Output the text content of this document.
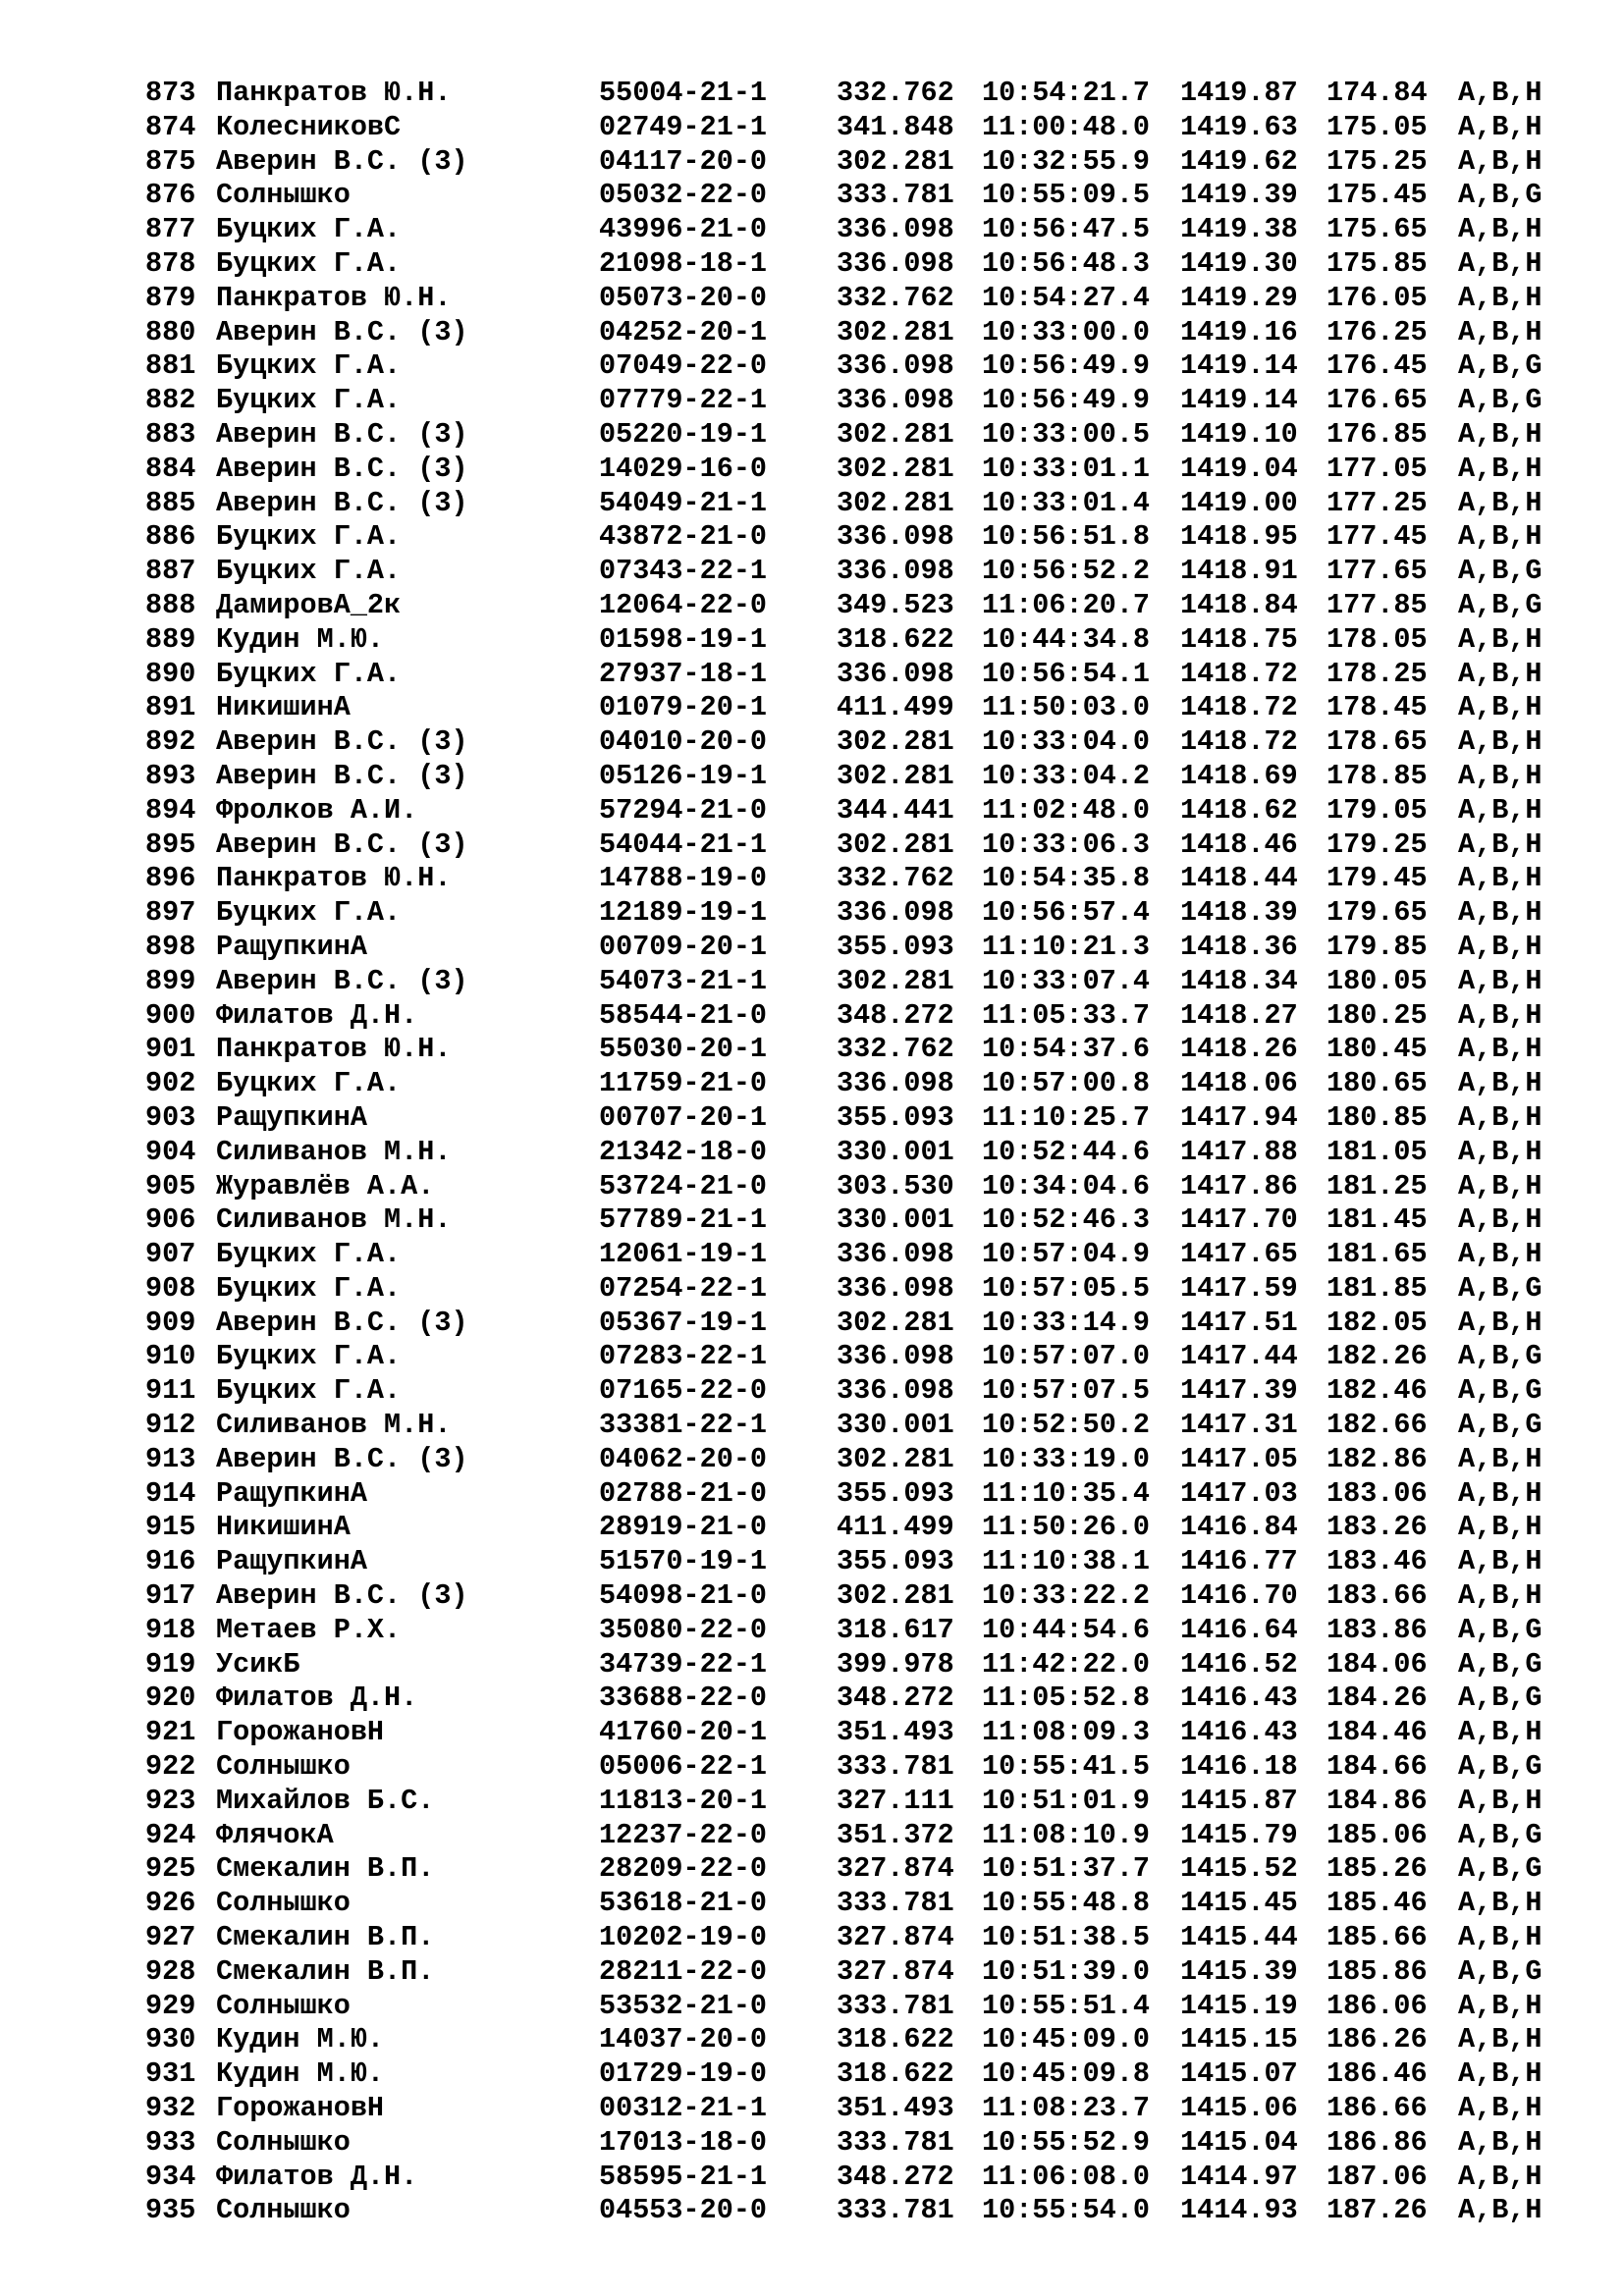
873 Панкратов Ю.Н.	55004-21-1 332.762 10:54:21.7 1419.87 174.84 A,B,H
874 КолесниковС	02749-21-1 341.848 11:00:48.0 1419.63 175.05 A,B,H
875 Аверин В.С. (3)	04117-20-0 302.281 10:32:55.9 1419.62 175.25 A,B,H
876 Солнышко	05032-22-0 333.781 10:55:09.5 1419.39 175.45 A,B,G
877 Буцких Г.А.	43996-21-0 336.098 10:56:47.5 1419.38 175.65 A,B,H
878 Буцких Г.А.	21098-18-1 336.098 10:56:48.3 1419.30 175.85 A,B,H
879 Панкратов Ю.Н.	05073-20-0 332.762 10:54:27.4 1419.29 176.05 A,B,H
880 Аверин В.С. (3)	04252-20-1 302.281 10:33:00.0 1419.16 176.25 A,B,H
881 Буцких Г.А.	07049-22-0 336.098 10:56:49.9 1419.14 176.45 A,B,G
882 Буцких Г.А.	07779-22-1 336.098 10:56:49.9 1419.14 176.65 A,B,G
883 Аверин В.С. (3)	05220-19-1 302.281 10:33:00.5 1419.10 176.85 A,B,H
884 Аверин В.С. (3)	14029-16-0 302.281 10:33:01.1 1419.04 177.05 A,B,H
885 Аверин В.С. (3)	54049-21-1 302.281 10:33:01.4 1419.00 177.25 A,B,H
886 Буцких Г.А.	43872-21-0 336.098 10:56:51.8 1418.95 177.45 A,B,H
887 Буцких Г.А.	07343-22-1 336.098 10:56:52.2 1418.91 177.65 A,B,G
888 ДамировА_2к	12064-22-0 349.523 11:06:20.7 1418.84 177.85 A,B,G
889 Кудин М.Ю.	01598-19-1 318.622 10:44:34.8 1418.75 178.05 A,B,H
890 Буцких Г.А.	27937-18-1 336.098 10:56:54.1 1418.72 178.25 A,B,H
891 НикишинА	01079-20-1 411.499 11:50:03.0 1418.72 178.45 A,B,H
892 Аверин В.С. (3)	04010-20-0 302.281 10:33:04.0 1418.72 178.65 A,B,H
893 Аверин В.С. (3)	05126-19-1 302.281 10:33:04.2 1418.69 178.85 A,B,H
894 Фролков А.И.	57294-21-0 344.441 11:02:48.0 1418.62 179.05 A,B,H
895 Аверин В.С. (3)	54044-21-1 302.281 10:33:06.3 1418.46 179.25 A,B,H
896 Панкратов Ю.Н.	14788-19-0 332.762 10:54:35.8 1418.44 179.45 A,B,H
897 Буцких Г.А.	12189-19-1 336.098 10:56:57.4 1418.39 179.65 A,B,H
898 РащупкинА	00709-20-1 355.093 11:10:21.3 1418.36 179.85 A,B,H
899 Аверин В.С. (3)	54073-21-1 302.281 10:33:07.4 1418.34 180.05 A,B,H
900 Филатов Д.Н.	58544-21-0 348.272 11:05:33.7 1418.27 180.25 A,B,H
901 Панкратов Ю.Н.	55030-20-1 332.762 10:54:37.6 1418.26 180.45 A,B,H
902 Буцких Г.А.	11759-21-0 336.098 10:57:00.8 1418.06 180.65 A,B,H
903 РащупкинА	00707-20-1 355.093 11:10:25.7 1417.94 180.85 A,B,H
904 Силиванов М.Н.	21342-18-0 330.001 10:52:44.6 1417.88 181.05 A,B,H
905 Журавлёв А.А.	53724-21-0 303.530 10:34:04.6 1417.86 181.25 A,B,H
906 Силиванов М.Н.	57789-21-1 330.001 10:52:46.3 1417.70 181.45 A,B,H
907 Буцких Г.А.	12061-19-1 336.098 10:57:04.9 1417.65 181.65 A,B,H
908 Буцких Г.А.	07254-22-1 336.098 10:57:05.5 1417.59 181.85 A,B,G
909 Аверин В.С. (3)	05367-19-1 302.281 10:33:14.9 1417.51 182.05 A,B,H
910 Буцких Г.А.	07283-22-1 336.098 10:57:07.0 1417.44 182.26 A,B,G
911 Буцких Г.А.	07165-22-0 336.098 10:57:07.5 1417.39 182.46 A,B,G
912 Силиванов М.Н.	33381-22-1 330.001 10:52:50.2 1417.31 182.66 A,B,G
913 Аверин В.С. (3)	04062-20-0 302.281 10:33:19.0 1417.05 182.86 A,B,H
914 РащупкинА	02788-21-0 355.093 11:10:35.4 1417.03 183.06 A,B,H
915 НикишинА	28919-21-0 411.499 11:50:26.0 1416.84 183.26 A,B,H
916 РащупкинА	51570-19-1 355.093 11:10:38.1 1416.77 183.46 A,B,H
917 Аверин В.С. (3)	54098-21-0 302.281 10:33:22.2 1416.70 183.66 A,B,H
918 Метаев Р.Х.	35080-22-0 318.617 10:44:54.6 1416.64 183.86 A,B,G
919 УсикБ	34739-22-1 399.978 11:42:22.0 1416.52 184.06 A,B,G
920 Филатов Д.Н.	33688-22-0 348.272 11:05:52.8 1416.43 184.26 A,B,G
921 ГорожановН	41760-20-1 351.493 11:08:09.3 1416.43 184.46 A,B,H
922 Солнышко	05006-22-1 333.781 10:55:41.5 1416.18 184.66 A,B,G
923 Михайлов Б.С.	11813-20-1 327.111 10:51:01.9 1415.87 184.86 A,B,H
924 ФлячокА	12237-22-0 351.372 11:08:10.9 1415.79 185.06 A,B,G
925 Смекалин В.П.	28209-22-0 327.874 10:51:37.7 1415.52 185.26 A,B,G
926 Солнышко	53618-21-0 333.781 10:55:48.8 1415.45 185.46 A,B,H
927 Смекалин В.П.	10202-19-0 327.874 10:51:38.5 1415.44 185.66 A,B,H
928 Смекалин В.П.	28211-22-0 327.874 10:51:39.0 1415.39 185.86 A,B,G
929 Солнышко	53532-21-0 333.781 10:55:51.4 1415.19 186.06 A,B,H
930 Кудин М.Ю.	14037-20-0 318.622 10:45:09.0 1415.15 186.26 A,B,H
931 Кудин М.Ю.	01729-19-0 318.622 10:45:09.8 1415.07 186.46 A,B,H
932 ГорожановН	00312-21-1 351.493 11:08:23.7 1415.06 186.66 A,B,H
933 Солнышко	17013-18-0 333.781 10:55:52.9 1415.04 186.86 A,B,H
934 Филатов Д.Н.	58595-21-1 348.272 11:06:08.0 1414.97 187.06 A,B,H
935 Солнышко	04553-20-0 333.781 10:55:54.0 1414.93 187.26 A,B,H
